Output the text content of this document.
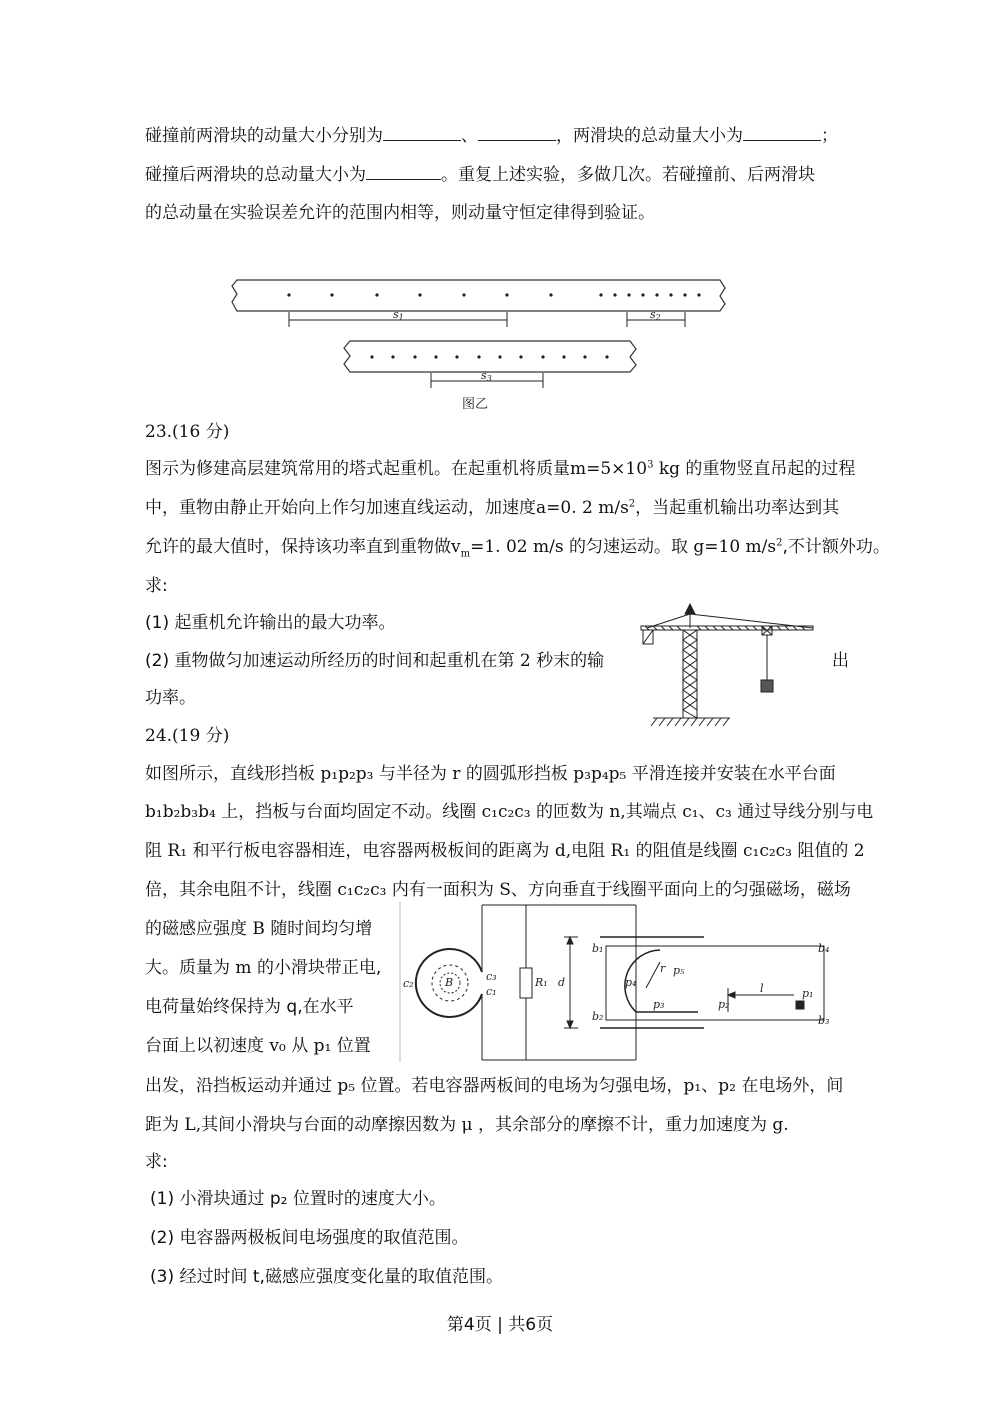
碰撞前两滑块的动量大小分别为	、	，两滑块的总动量大小为	；
碰撞后两滑块的总动量大小为	。重复上述实验，多做几次。若碰撞前、后两滑块
的总动量在实验误差允许的范围内相等，则动量守恒定律得到验证。
s1	s2
s3
图乙
23.(16 分)
图示为修建高层建筑常用的塔式起重机。在起重机将质量$m=5\times 10^3$ kg 的重物竖直吊起的过程
中，重物由静止开始向上作匀加速直线运动，加速度a=0. 2 $m/s^2$，当起重机输出功率达到其
允许的最大值时，保持该功率直到重物做$v_m=1$. 02 m/s 的匀速运动。取 g=10 $m/s^2$,不计额外功。
求:
(1) 起重机允许输出的最大功率。
(2) 重物做匀加速运动所经历的时间和起重机在第 2 秒末的输	出
功率。
24.(19 分)
如图所示，直线形挡板 p₁p₂p₃ 与半径为 r 的圆弧形挡板 p₃p₄p₅ 平滑连接并安装在水平台面
b₁b₂b₃b₄ 上，挡板与台面均固定不动。线圈 c₁c₂c₃ 的匝数为 n,其端点 c₁、c₃ 通过导线分别与电
阻 R₁ 和平行板电容器相连，电容器两极板间的距离为 d,电阻 R₁ 的阻值是线圈 c₁c₂c₃ 阻值的 2
倍，其余电阻不计，线圈 c₁c₂c₃ 内有一面积为 S、方向垂直于线圈平面向上的匀强磁场，磁场
的磁感应强度 B 随时间均匀增
大。质量为 m 的小滑块带正电,
电荷量始终保持为 q,在水平
台面上以初速度 v₀ 从 p₁ 位置
出发，沿挡板运动并通过 p₅ 位置。若电容器两板间的电场为匀强电场，p₁、p₂ 在电场外，间
距为 L,其间小滑块与台面的动摩擦因数为 μ ，其余部分的摩擦不计，重力加速度为 g.
求:
(1) 小滑块通过 p₂ 位置时的速度大小。
(2) 电容器两极板间电场强度的取值范围。
(3) 经过时间 t,磁感应强度变化量的取值范围。
c₂	B	c₃
c₁
R₁ d
b₁
b₂	b₃
b₄
r p₅
p₄
p₃	p₂
p₁
l
第4页 | 共6页
